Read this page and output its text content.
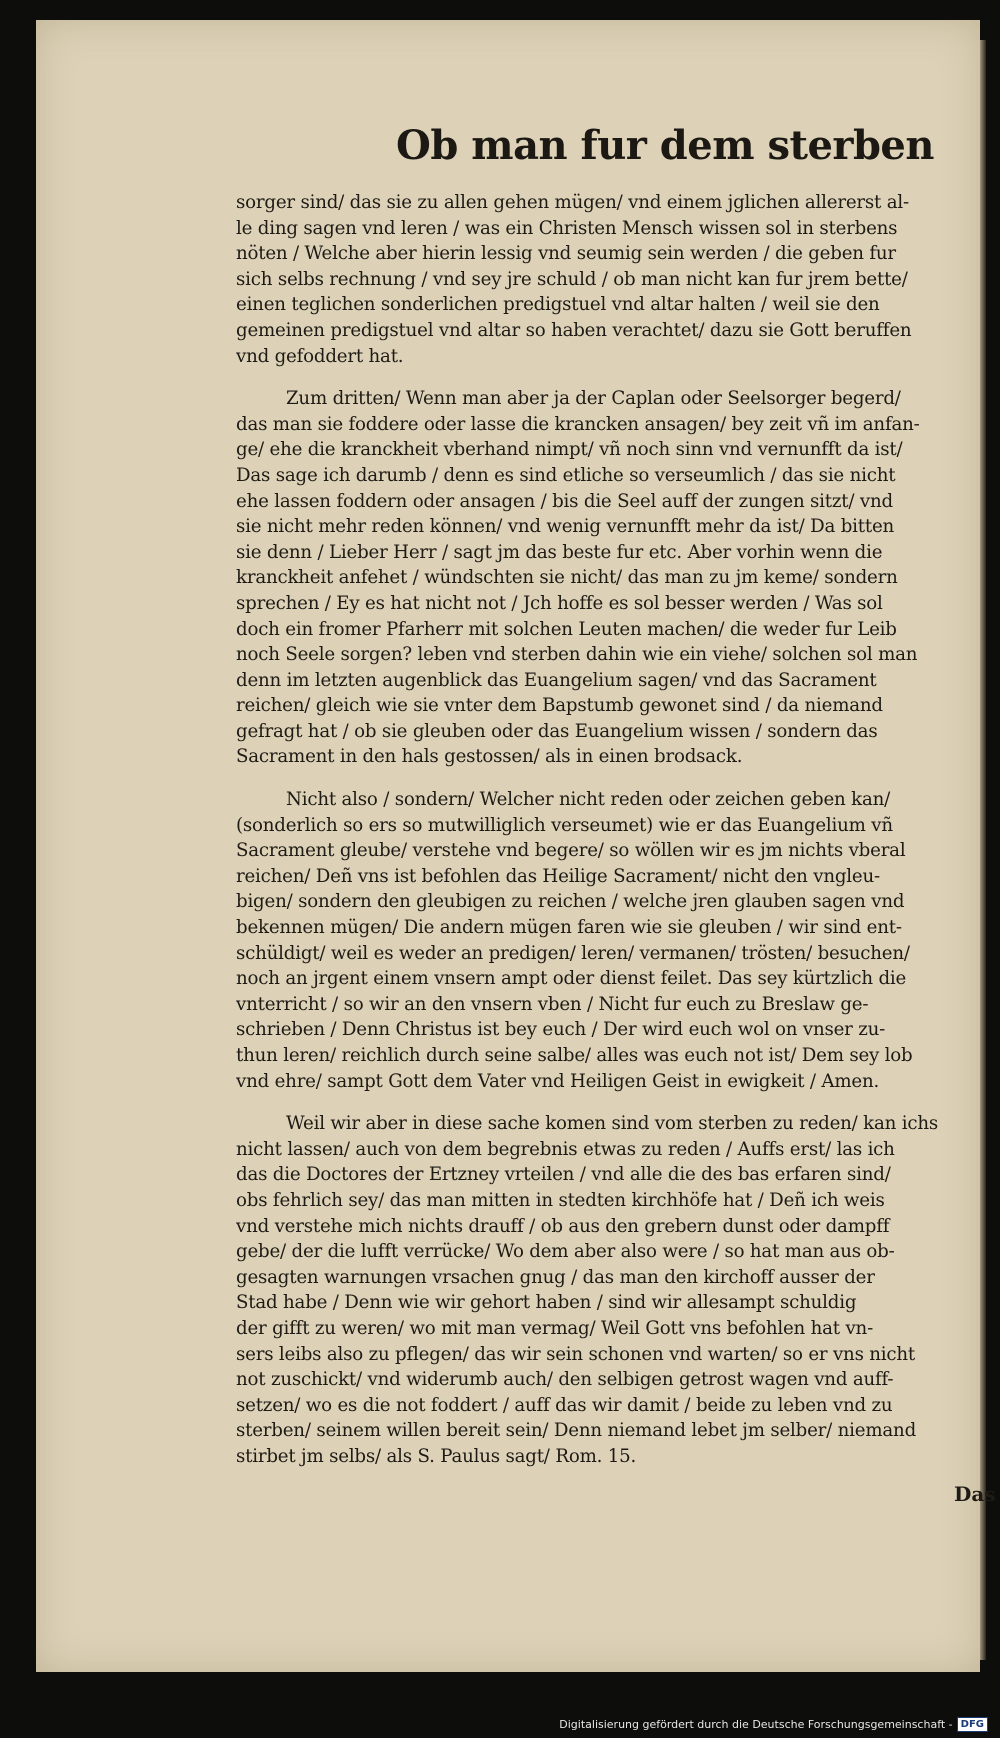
Ob man fur dem sterben
sorger sind/ das sie zu allen gehen mügen/ vnd einem jglichen allererst al-
le ding sagen vnd leren / was ein Christen Mensch wissen sol in sterbens
nöten / Welche aber hierin lessig vnd seumig sein werden / die geben fur
sich selbs rechnung / vnd sey jre schuld / ob man nicht kan fur jrem bette/
einen teglichen sonderlichen predigstuel vnd altar halten / weil sie den
gemeinen predigstuel vnd altar so haben verachtet/ dazu sie Gott beruffen
vnd gefoddert hat.
Zum dritten/ Wenn man aber ja der Caplan oder Seelsorger begerd/
das man sie foddere oder lasse die krancken ansagen/ bey zeit vñ im anfan-
ge/ ehe die kranckheit vberhand nimpt/ vñ noch sinn vnd vernunfft da ist/
Das sage ich darumb / denn es sind etliche so verseumlich / das sie nicht
ehe lassen foddern oder ansagen / bis die Seel auff der zungen sitzt/ vnd
sie nicht mehr reden können/ vnd wenig vernunfft mehr da ist/ Da bitten
sie denn / Lieber Herr / sagt jm das beste fur etc. Aber vorhin wenn die
kranckheit anfehet / wündschten sie nicht/ das man zu jm keme/ sondern
sprechen / Ey es hat nicht not / Jch hoffe es sol besser werden / Was sol
doch ein fromer Pfarherr mit solchen Leuten machen/ die weder fur Leib
noch Seele sorgen? leben vnd sterben dahin wie ein viehe/ solchen sol man
denn im letzten augenblick das Euangelium sagen/ vnd das Sacrament
reichen/ gleich wie sie vnter dem Bapstumb gewonet sind / da niemand
gefragt hat / ob sie gleuben oder das Euangelium wissen / sondern das
Sacrament in den hals gestossen/ als in einen brodsack.
Nicht also / sondern/ Welcher nicht reden oder zeichen geben kan/
(sonderlich so ers so mutwilliglich verseumet) wie er das Euangelium vñ
Sacrament gleube/ verstehe vnd begere/ so wöllen wir es jm nichts vberal
reichen/ Deñ vns ist befohlen das Heilige Sacrament/ nicht den vngleu-
bigen/ sondern den gleubigen zu reichen / welche jren glauben sagen vnd
bekennen mügen/ Die andern mügen faren wie sie gleuben / wir sind ent-
schüldigt/ weil es weder an predigen/ leren/ vermanen/ trösten/ besuchen/
noch an jrgent einem vnsern ampt oder dienst feilet. Das sey kürtzlich die
vnterricht / so wir an den vnsern vben / Nicht fur euch zu Breslaw ge-
schrieben / Denn Christus ist bey euch / Der wird euch wol on vnser zu-
thun leren/ reichlich durch seine salbe/ alles was euch not ist/ Dem sey lob
vnd ehre/ sampt Gott dem Vater vnd Heiligen Geist in ewigkeit / Amen.
Weil wir aber in diese sache komen sind vom sterben zu reden/ kan ichs
nicht lassen/ auch von dem begrebnis etwas zu reden / Auffs erst/ las ich
das die Doctores der Ertzney vrteilen / vnd alle die des bas erfaren sind/
obs fehrlich sey/ das man mitten in stedten kirchhöfe hat / Deñ ich weis
vnd verstehe mich nichts drauff / ob aus den grebern dunst oder dampff
gebe/ der die lufft verrücke/ Wo dem aber also were / so hat man aus ob-
gesagten warnungen vrsachen gnug / das man den kirchoff ausser der
Stad habe / Denn wie wir gehort haben / sind wir allesampt schuldig
der gifft zu weren/ wo mit man vermag/ Weil Gott vns befohlen hat vn-
sers leibs also zu pflegen/ das wir sein schonen vnd warten/ so er vns nicht
not zuschickt/ vnd widerumb auch/ den selbigen getrost wagen vnd auff-
setzen/ wo es die not foddert / auff das wir damit / beide zu leben vnd zu
sterben/ seinem willen bereit sein/ Denn niemand lebet jm selber/ niemand
stirbet jm selbs/ als S. Paulus sagt/ Rom. 15.
Das
Digitalisierung gefördert durch die Deutsche Forschungsgemeinschaft - DFG
